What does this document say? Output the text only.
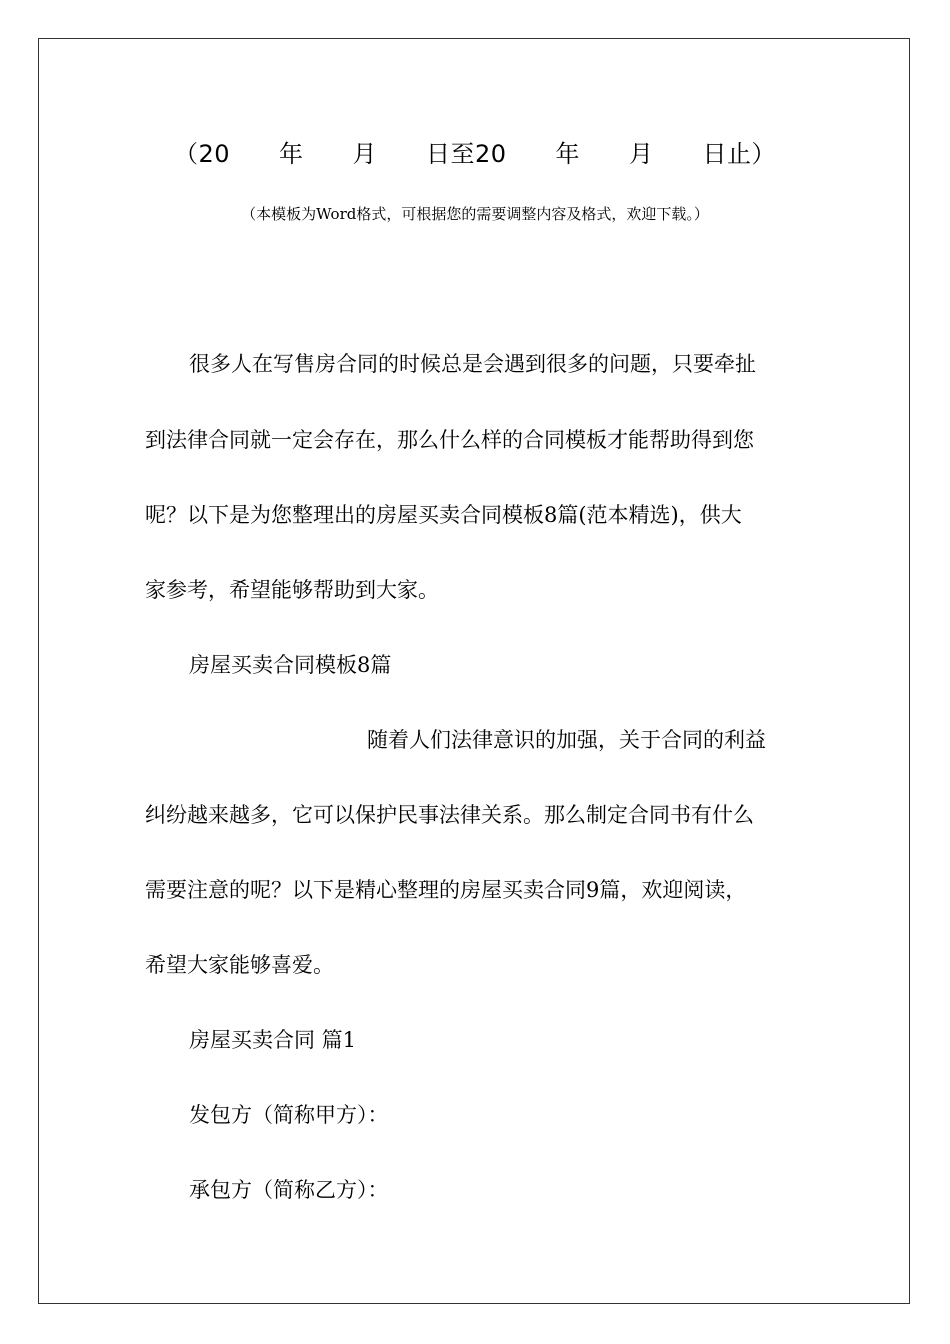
（20　　年　　月　　日至20　　年　　月　　日止）
（本模板为Word格式，可根据您的需要调整内容及格式，欢迎下载。）
很多人在写售房合同的时候总是会遇到很多的问题，只要牵扯
到法律合同就一定会存在，那么什么样的合同模板才能帮助得到您
呢？以下是为您整理出的房屋买卖合同模板8篇(范本精选)，供大
家参考，希望能够帮助到大家。
房屋买卖合同模板8篇
随着人们法律意识的加强，关于合同的利益
纠纷越来越多，它可以保护民事法律关系。那么制定合同书有什么
需要注意的呢？以下是精心整理的房屋买卖合同9篇，欢迎阅读，
希望大家能够喜爱。
房屋买卖合同 篇1
发包方（简称甲方）：
承包方（简称乙方）：
